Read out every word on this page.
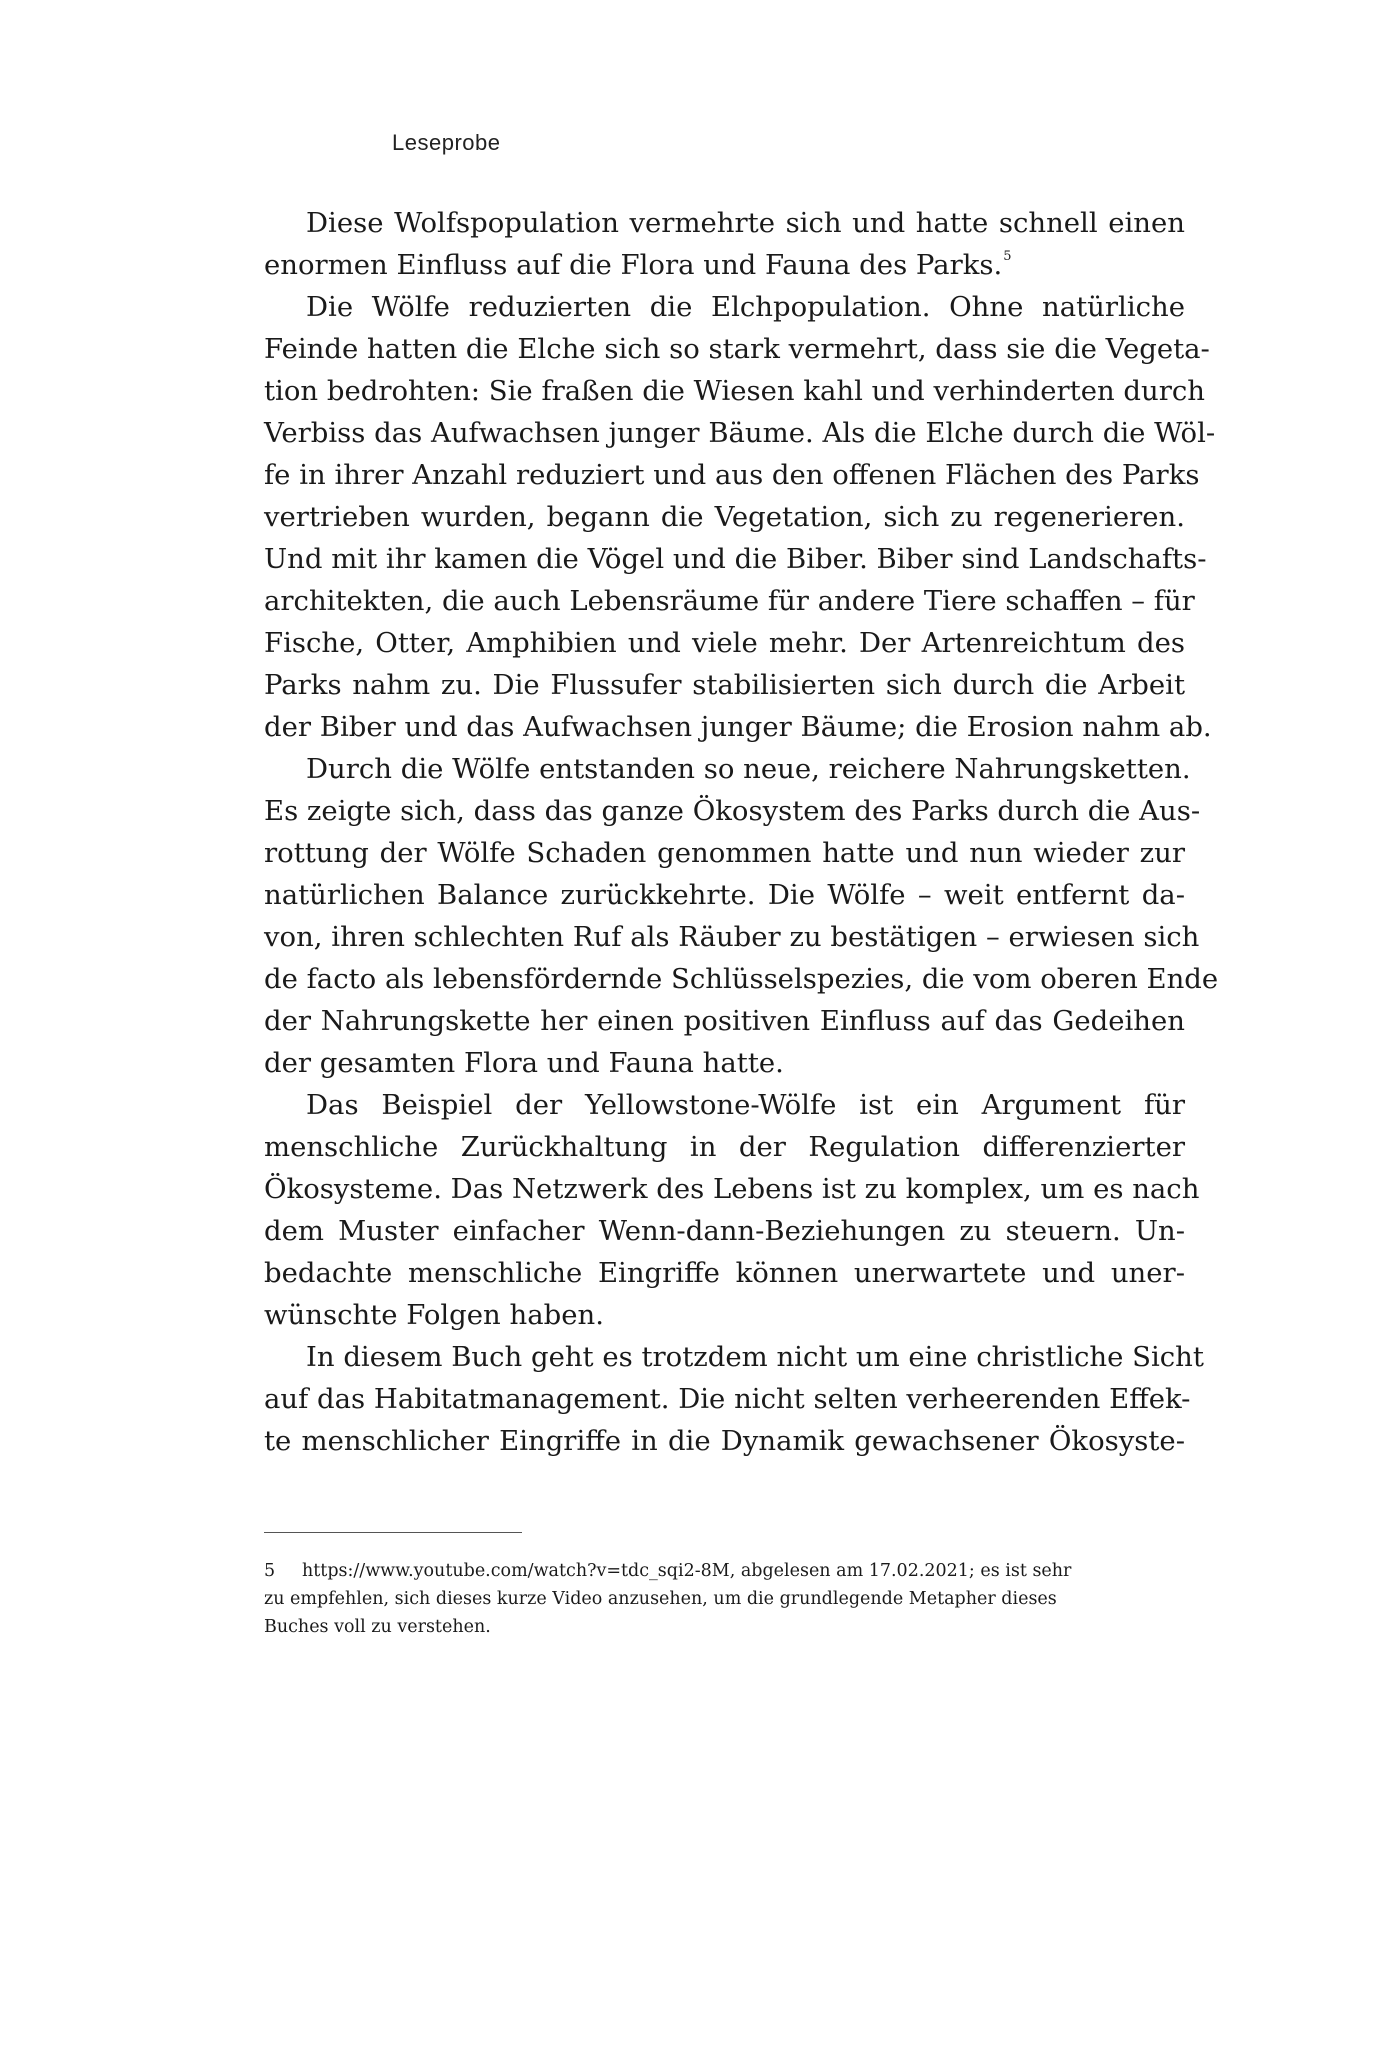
Leseprobe
Diese Wolfspopulation vermehrte sich und hatte schnell einen
enormen Einfluss auf die Flora und Fauna des Parks.$^5$
Die Wölfe reduzierten die Elchpopulation. Ohne natürliche
Feinde hatten die Elche sich so stark vermehrt, dass sie die Vegeta-
tion bedrohten: Sie fraßen die Wiesen kahl und verhinderten durch
Verbiss das Aufwachsen junger Bäume. Als die Elche durch die Wöl-
fe in ihrer Anzahl reduziert und aus den offenen Flächen des Parks
vertrieben wurden, begann die Vegetation, sich zu regenerieren.
Und mit ihr kamen die Vögel und die Biber. Biber sind Landschafts-
architekten, die auch Lebensräume für andere Tiere schaffen – für
Fische, Otter, Amphibien und viele mehr. Der Artenreichtum des
Parks nahm zu. Die Flussufer stabilisierten sich durch die Arbeit
der Biber und das Aufwachsen junger Bäume; die Erosion nahm ab.
Durch die Wölfe entstanden so neue, reichere Nahrungsketten.
Es zeigte sich, dass das ganze Ökosystem des Parks durch die Aus-
rottung der Wölfe Schaden genommen hatte und nun wieder zur
natürlichen Balance zurückkehrte. Die Wölfe – weit entfernt da-
von, ihren schlechten Ruf als Räuber zu bestätigen – erwiesen sich
de facto als lebensfördernde Schlüsselspezies, die vom oberen Ende
der Nahrungskette her einen positiven Einfluss auf das Gedeihen
der gesamten Flora und Fauna hatte.
Das Beispiel der Yellowstone-Wölfe ist ein Argument für
menschliche Zurückhaltung in der Regulation differenzierter
Ökosysteme. Das Netzwerk des Lebens ist zu komplex, um es nach
dem Muster einfacher Wenn-dann-Beziehungen zu steuern. Un-
bedachte menschliche Eingriffe können unerwartete und uner-
wünschte Folgen haben.
In diesem Buch geht es trotzdem nicht um eine christliche Sicht
auf das Habitatmanagement. Die nicht selten verheerenden Effek-
te menschlicher Eingriffe in die Dynamik gewachsener Ökosyste-
5 https://www.youtube.com/watch?v=tdc_sqi2-8M, abgelesen am 17.02.2021; es ist sehr
zu empfehlen, sich dieses kurze Video anzusehen, um die grundlegende Metapher dieses
Buches voll zu verstehen.
